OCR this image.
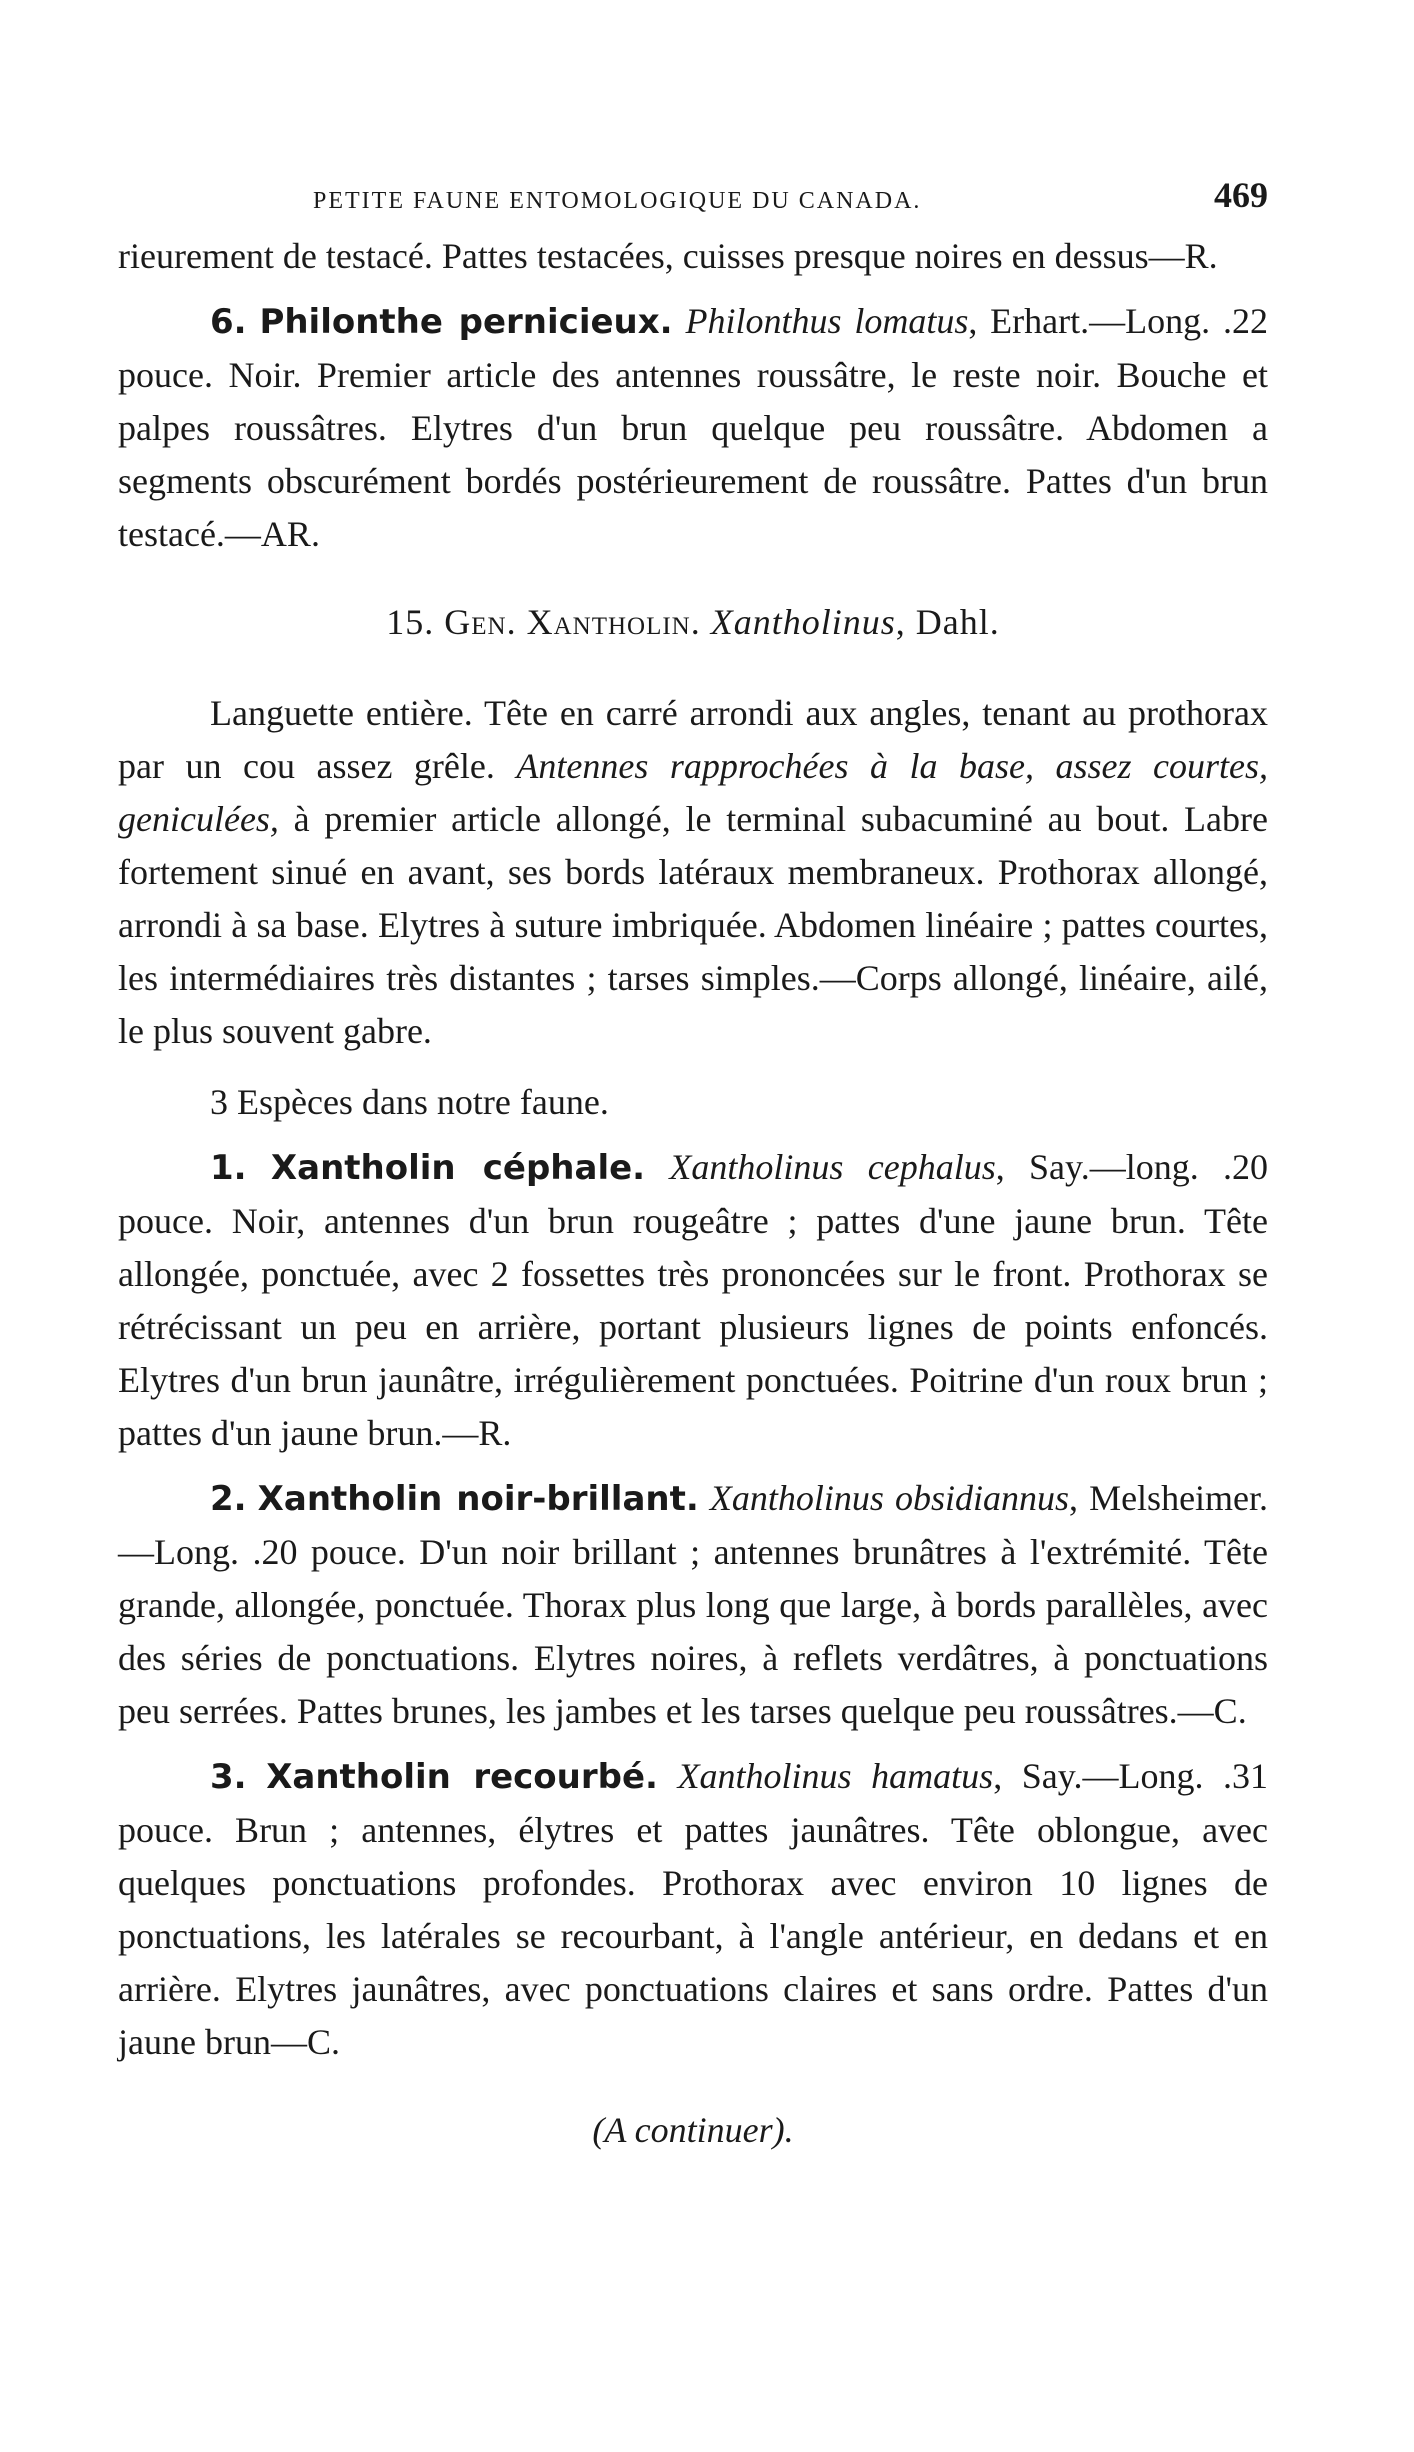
PETITE FAUNE ENTOMOLOGIQUE DU CANADA.	469

rieurement de testacé. Pattes testacées, cuisses presque noires en dessus—R.

6. Philonthe pernicieux. Philonthus lomatus, Erhart.—Long. .22 pouce. Noir. Premier article des antennes roussâtre, le reste noir. Bouche et palpes roussâtres. Elytres d'un brun quelque peu roussâtre. Abdomen a segments obscurément bordés postérieurement de roussâtre. Pattes d'un brun testacé.—AR.

15. Gen. Xantholin. Xantholinus, Dahl.

Languette entière. Tête en carré arrondi aux angles, tenant au prothorax par un cou assez grêle. Antennes rapprochées à la base, assez courtes, geniculées, à premier article allongé, le terminal subacuminé au bout. Labre fortement sinué en avant, ses bords latéraux membraneux. Prothorax allongé, arrondi à sa base. Elytres à suture imbriquée. Abdomen linéaire ; pattes courtes, les intermédiaires très distantes ; tarses simples.—Corps allongé, linéaire, ailé, le plus souvent gabre.

3 Espèces dans notre faune.

1. Xantholin céphale. Xantholinus cephalus, Say.—long. .20 pouce. Noir, antennes d'un brun rougeâtre ; pattes d'une jaune brun. Tête allongée, ponctuée, avec 2 fossettes très prononcées sur le front. Prothorax se rétrécissant un peu en arrière, portant plusieurs lignes de points enfoncés. Elytres d'un brun jaunâtre, irrégulièrement ponctuées. Poitrine d'un roux brun ; pattes d'un jaune brun.—R.

2. Xantholin noir-brillant. Xantholinus obsidiannus, Melsheimer.—Long. .20 pouce. D'un noir brillant ; antennes brunâtres à l'extrémité. Tête grande, allongée, ponctuée. Thorax plus long que large, à bords parallèles, avec des séries de ponctuations. Elytres noires, à reflets verdâtres, à ponctuations peu serrées. Pattes brunes, les jambes et les tarses quelque peu roussâtres.—C.

3. Xantholin recourbé. Xantholinus hamatus, Say.—Long. .31 pouce. Brun ; antennes, élytres et pattes jaunâtres. Tête oblongue, avec quelques ponctuations profondes. Prothorax avec environ 10 lignes de ponctuations, les latérales se recourbant, à l'angle antérieur, en dedans et en arrière. Elytres jaunâtres, avec ponctuations claires et sans ordre. Pattes d'un jaune brun—C.

(A continuer).
